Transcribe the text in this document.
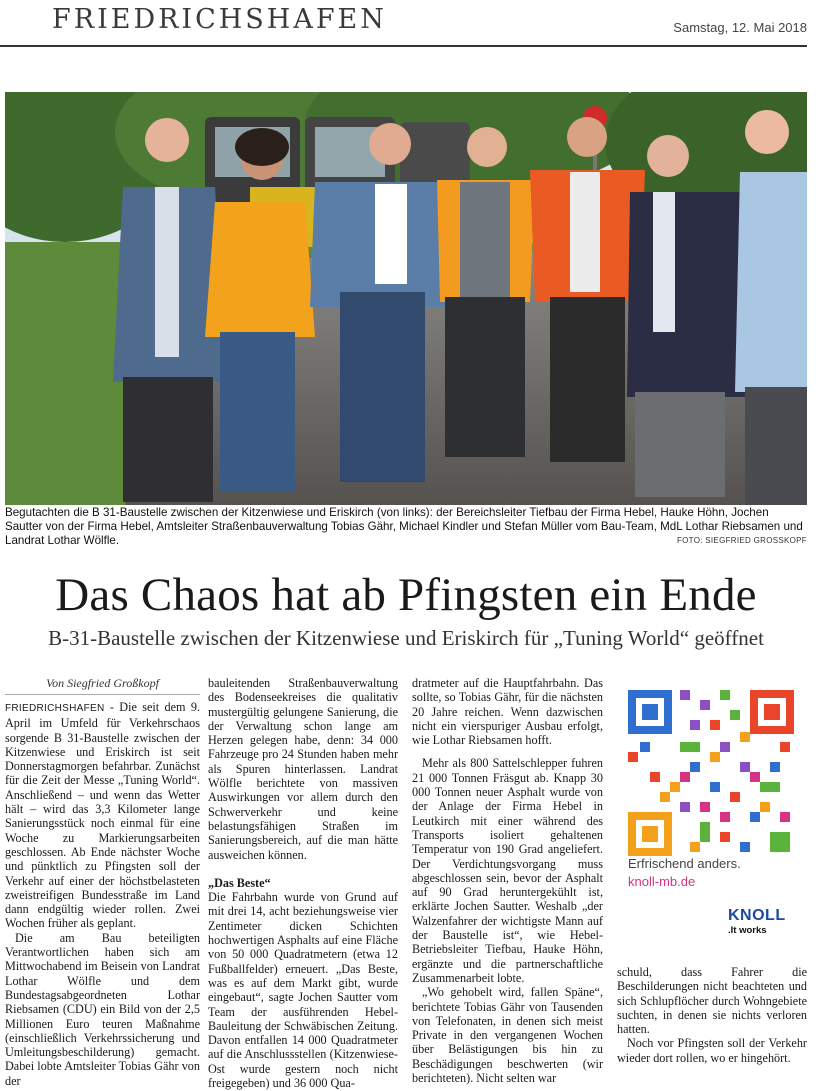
FRIEDRICHSHAFEN	Samstag, 12. Mai 2018
Begutachten die B 31-Baustelle zwischen der Kitzenwiese und Eriskirch (von links): der Bereichsleiter Tiefbau der Firma Hebel, Hauke Höhn, Jochen Sautter von der Firma Hebel, Amtsleiter Straßenbauverwaltung Tobias Gähr, Michael Kindler und Stefan Müller vom Bau-Team, MdL Lothar Riebsamen und Landrat Lothar Wölfle.	FOTO: SIEGFRIED GROSSKOPF
Das Chaos hat ab Pfingsten ein Ende
B-31-Baustelle zwischen der Kitzenwiese und Eriskirch für „Tuning World“ geöffnet
Von Siegfried Großkopf

FRIEDRICHSHAFEN - Die seit dem 9. April im Umfeld für Verkehrschaos sorgende B 31-Baustelle zwischen der Kitzenwiese und Eriskirch ist seit Donnerstagmorgen befahrbar. Zunächst für die Zeit der Messe „Tuning World“. Anschließend – und wenn das Wetter hält – wird das 3,3 Kilometer lange Sanierungsstück noch einmal für eine Woche zu Markierungsarbeiten geschlossen. Ab Ende nächster Woche und pünktlich zu Pfingsten soll der Verkehr auf einer der höchstbelasteten zweistreifigen Bundesstraße im Land dann endgültig wieder rollen. Zwei Wochen früher als geplant.

Die am Bau beteiligten Verantwortlichen haben sich am Mittwochabend im Beisein von Landrat Lothar Wölfle und dem Bundestagsabgeordneten Lothar Riebsamen (CDU) ein Bild von der 2,5 Millionen Euro teuren Maßnahme (einschließlich Verkehrssicherung und Umleitungsbeschilderung) gemacht. Dabei lobte Amtsleiter Tobias Gähr von der

bauleitenden Straßenbauverwaltung des Bodenseekreises die qualitativ mustergültig gelungene Sanierung, die der Verwaltung schon lange am Herzen gelegen habe, denn: 34 000 Fahrzeuge pro 24 Stunden haben mehr als Spuren hinterlassen. Landrat Wölfle berichtete von massiven Auswirkungen vor allem durch den Schwerverkehr und keine belastungsfähigen Straßen im Sanierungsbereich, auf die man hätte ausweichen können.

„Das Beste“

Die Fahrbahn wurde von Grund auf mit drei 14, acht beziehungsweise vier Zentimeter dicken Schichten hochwertigen Asphalts auf eine Fläche von 50 000 Quadratmetern (etwa 12 Fußballfelder) erneuert. „Das Beste, was es auf dem Markt gibt, wurde eingebaut“, sagte Jochen Sautter vom Team der ausführenden Hebel-Bauleitung der Schwäbischen Zeitung. Davon entfallen 14 000 Quadratmeter auf die Anschlussstellen (Kitzenwiese-Ost wurde gestern noch nicht freigegeben) und 36 000 Qua-

dratmeter auf die Hauptfahrbahn. Das sollte, so Tobias Gähr, für die nächsten 20 Jahre reichen. Wenn dazwischen nicht ein vierspuriger Ausbau erfolgt, wie Lothar Riebsamen hofft.

Mehr als 800 Sattelschlepper fuhren 21 000 Tonnen Fräsgut ab. Knapp 30 000 Tonnen neuer Asphalt wurde von der Anlage der Firma Hebel in Leutkirch mit einer während des Transports isoliert gehaltenen Temperatur von 190 Grad angeliefert. Der Verdichtungsvorgang muss abgeschlossen sein, bevor der Asphalt auf 90 Grad heruntergekühlt ist, erklärte Jochen Sautter. Weshalb „der Walzenfahrer der wichtigste Mann auf der Baustelle ist“, wie Hebel-Betriebsleiter Tiefbau, Hauke Höhn, ergänzte und die partnerschaftliche Zusammenarbeit lobte.

„Wo gehobelt wird, fallen Späne“, berichtete Tobias Gähr von Tausenden von Telefonaten, in denen sich meist Private in den vergangenen Wochen über Belästigungen bis hin zu Beschädigungen beschwerten (wir berichteten). Nicht selten war

schuld, dass Fahrer die Beschilderungen nicht beachteten und sich Schlupflöcher durch Wohngebiete suchten, in denen sie nichts verloren hatten.

Noch vor Pfingsten soll der Verkehr wieder dort rollen, wo er hingehört.

Erfrischend anders.
knoll-mb.de
KNOLL
.It works
